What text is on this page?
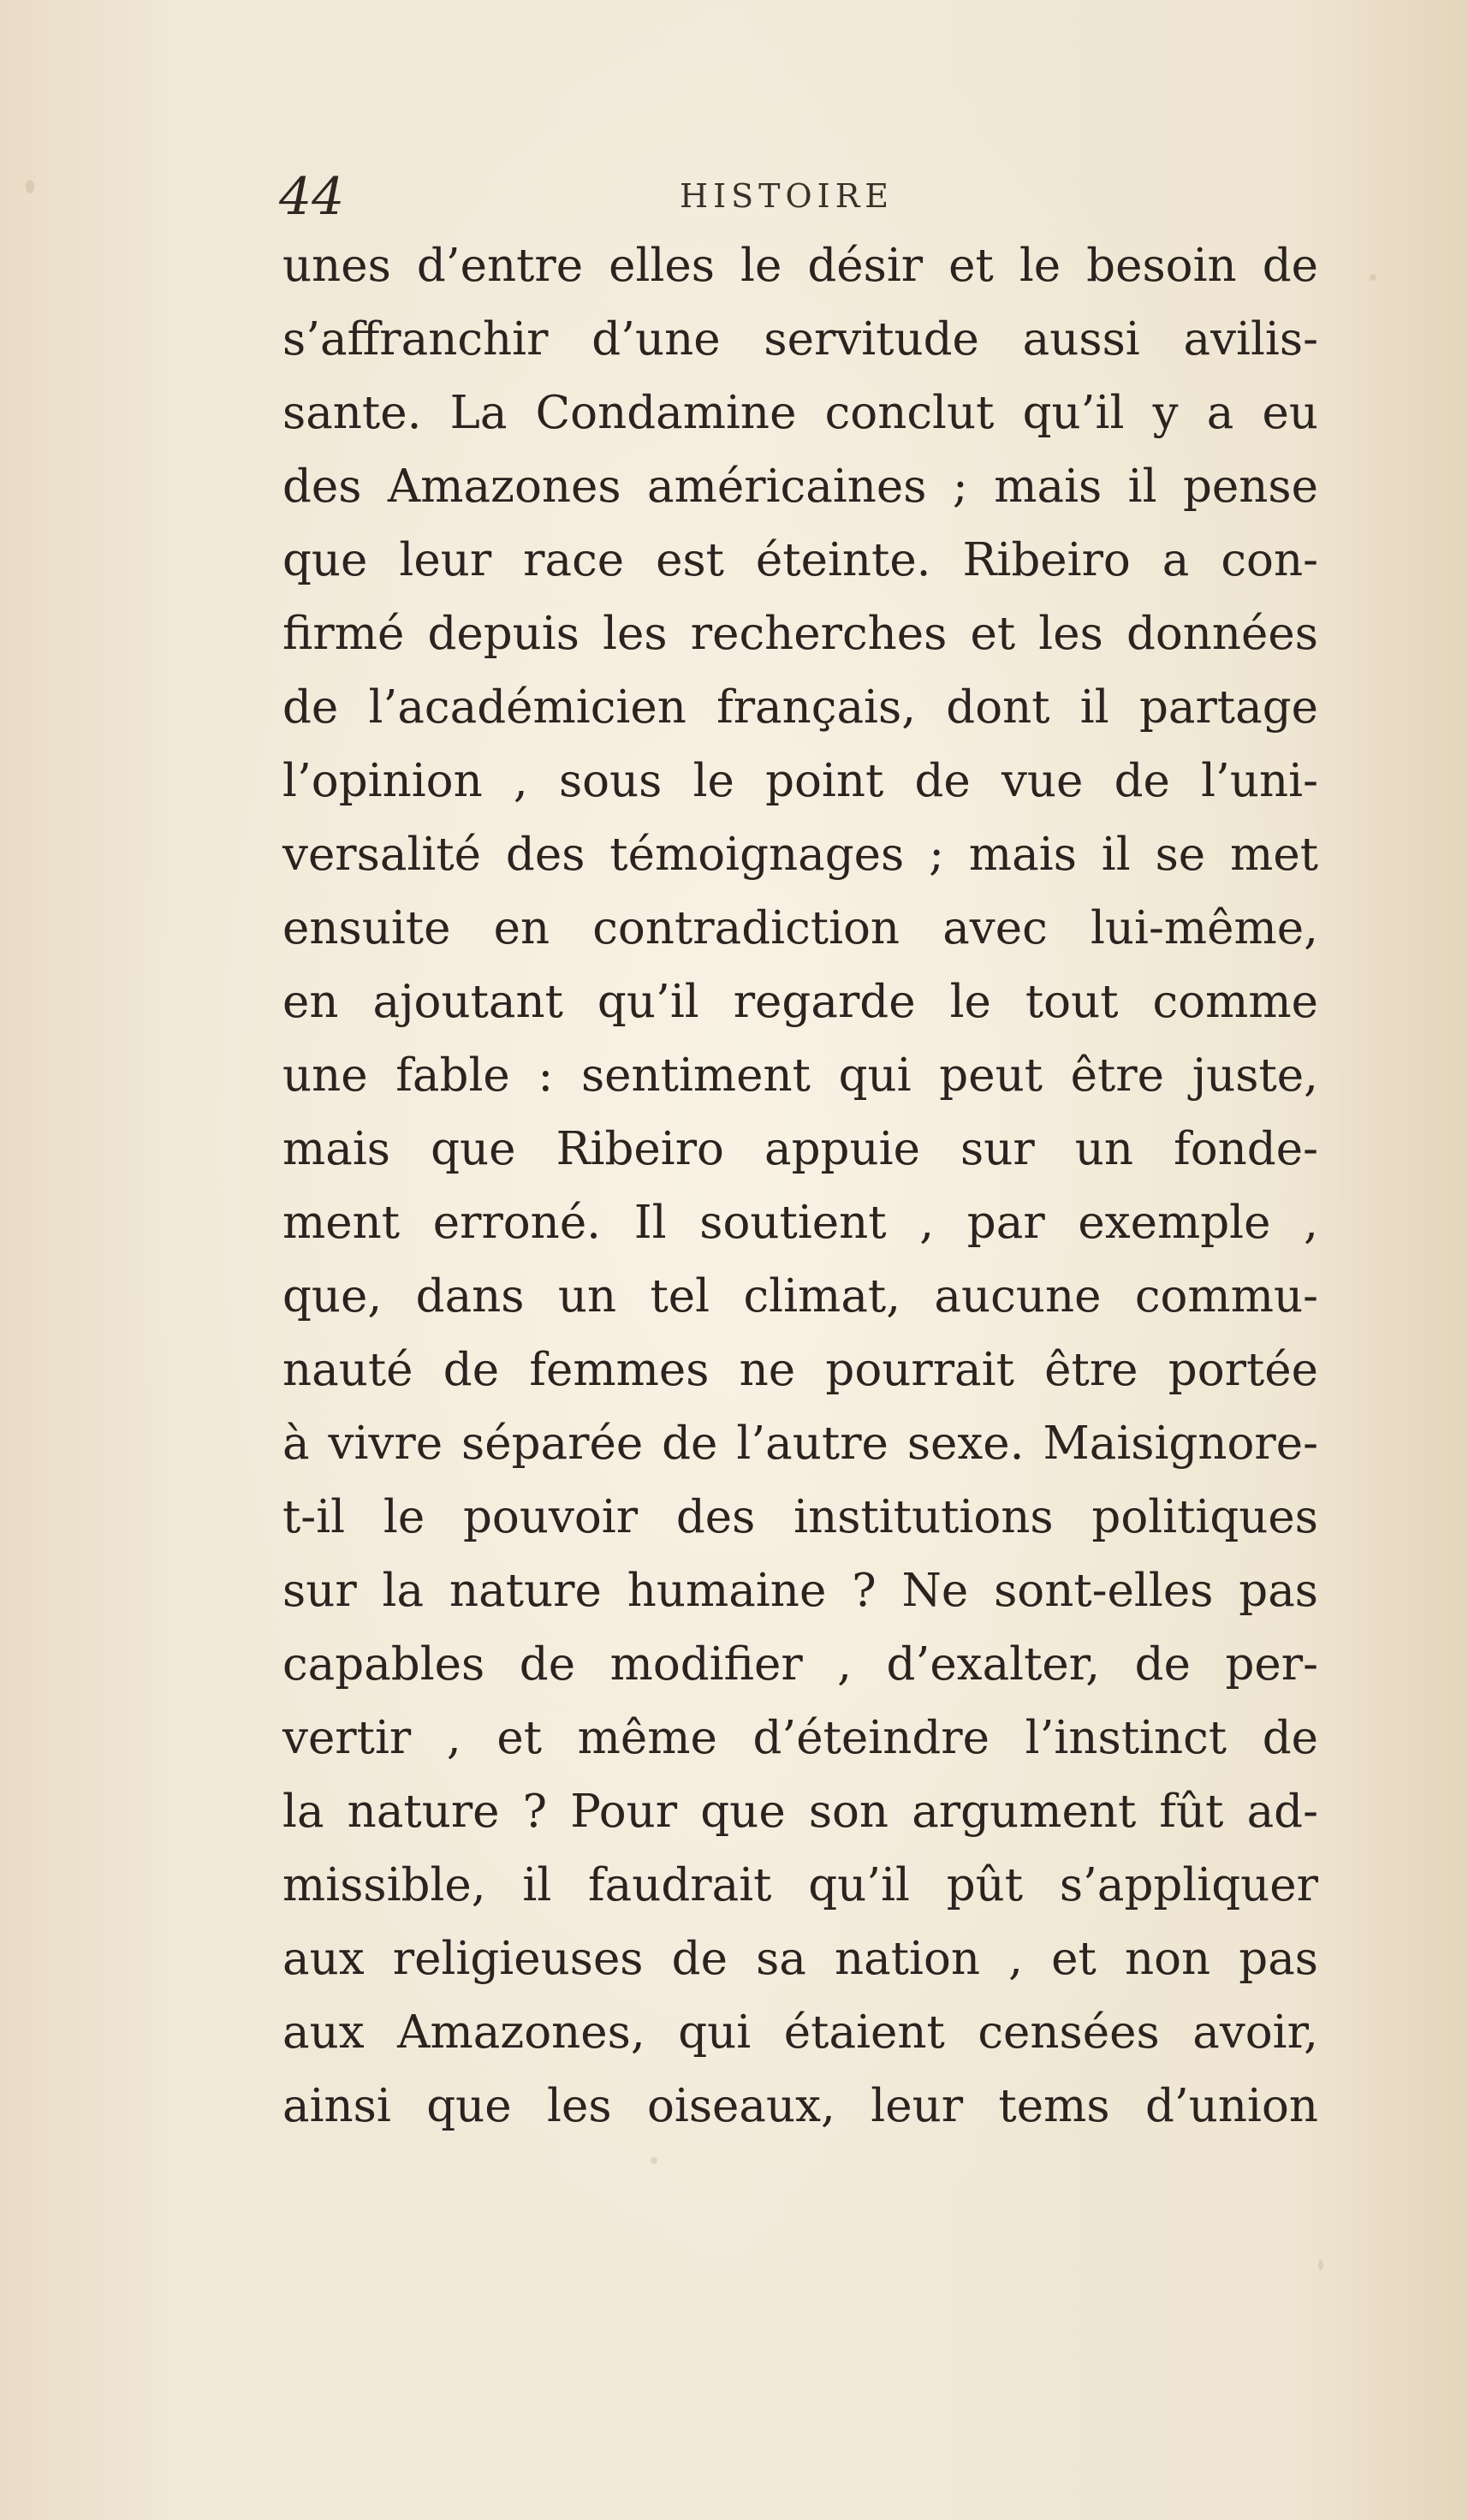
44	HISTOIRE
unes d’entre elles le désir et le besoin de
s’affranchir d’une servitude aussi avilis-
sante. La Condamine conclut qu’il y a eu
des Amazones américaines ; mais il pense
que leur race est éteinte. Ribeiro a con-
firmé depuis les recherches et les données
de l’académicien français, dont il partage
l’opinion , sous le point de vue de l’uni-
versalité des témoignages ; mais il se met
ensuite en contradiction avec lui-même,
en ajoutant qu’il regarde le tout comme
une fable : sentiment qui peut être juste,
mais que Ribeiro appuie sur un fonde-
ment erroné. Il soutient , par exemple ,
que, dans un tel climat, aucune commu-
nauté de femmes ne pourrait être portée
à vivre séparée de l’autre sexe. Maisignore-
t-il le pouvoir des institutions politiques
sur la nature humaine ? Ne sont-elles pas
capables de modifier , d’exalter, de per-
vertir , et même d’éteindre l’instinct de
la nature ? Pour que son argument fût ad-
missible, il faudrait qu’il pût s’appliquer
aux religieuses de sa nation , et non pas
aux Amazones, qui étaient censées avoir,
ainsi que les oiseaux, leur tems d’union
